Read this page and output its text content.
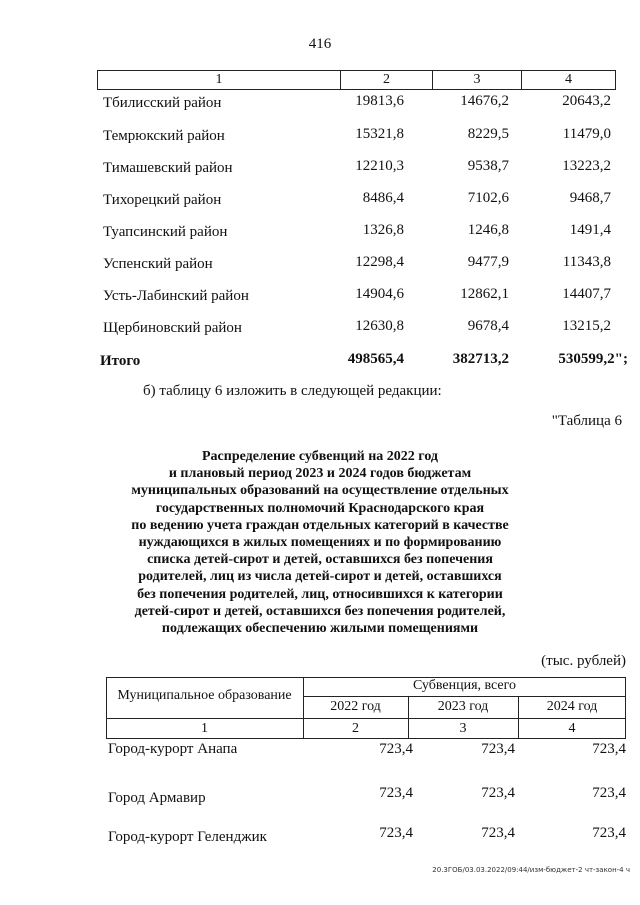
416
1	2	3	4
Тбилисский район	19813,6	14676,2	20643,2
Темрюкский район	15321,8	8229,5	11479,0
Тимашевский район	12210,3	9538,7	13223,2
Тихорецкий район	8486,4	7102,6	9468,7
Туапсинский район	1326,8	1246,8	1491,4
Успенский район	12298,4	9477,9	11343,8
Усть-Лабинский район	14904,6	12862,1	14407,7
Щербиновский район	12630,8	9678,4	13215,2
Итого	498565,4	382713,2	530599,2";
б) таблицу 6 изложить в следующей редакции:
"Таблица 6
Распределение субвенций на 2022 год
и плановый период 2023 и 2024 годов бюджетам
муниципальных образований на осуществление отдельных
государственных полномочий Краснодарского края
по ведению учета граждан отдельных категорий в качестве
нуждающихся в жилых помещениях и по формированию
списка детей-сирот и детей, оставшихся без попечения
родителей, лиц из числа детей-сирот и детей, оставшихся
без попечения родителей, лиц, относившихся к категории
детей-сирот и детей, оставшихся без попечения родителей,
подлежащих обеспечению жилыми помещениями
(тыс. рублей)
Муниципальное образование
Субвенция, всего
2022 год	2023 год	2024 год
1	2	3	4
Город-курорт Анапа	723,4	723,4	723,4
Город Армавир	723,4	723,4	723,4
Город-курорт Геленджик	723,4	723,4	723,4
20.3ГОБ/03.03.2022/09:44/изм-бюджет-2 чт-закон-4 ч
